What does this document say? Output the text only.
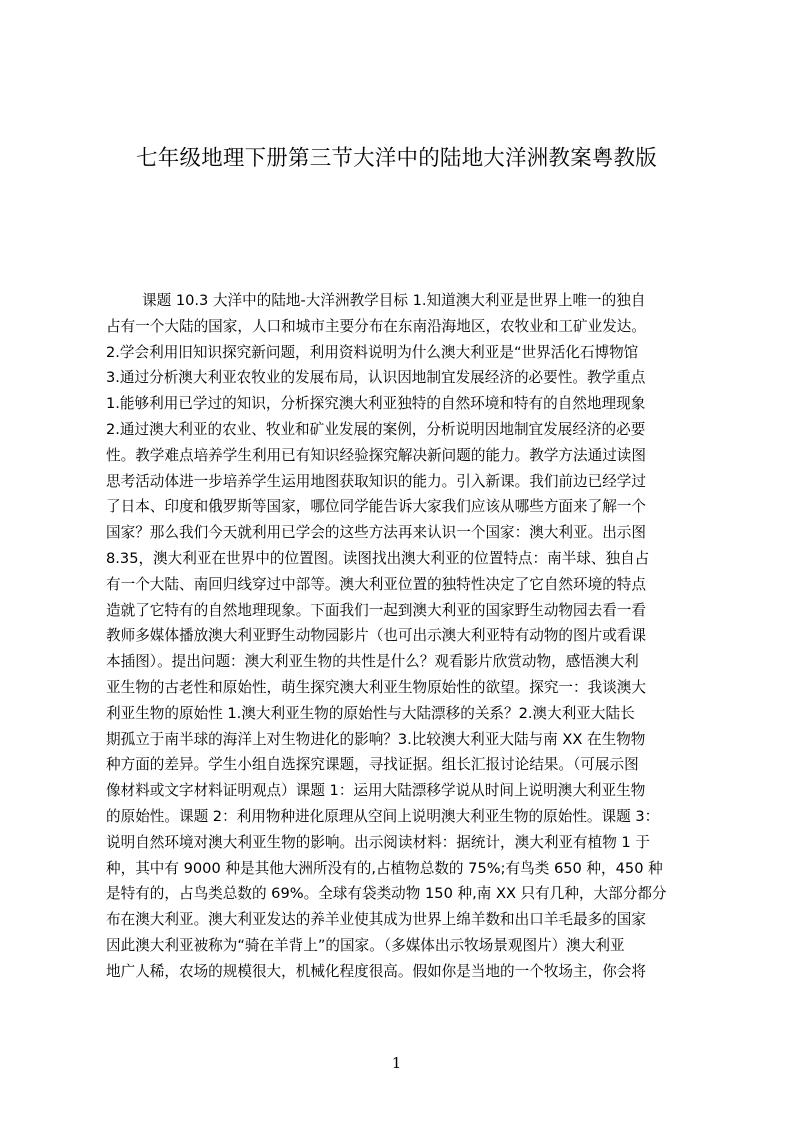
七年级地理下册第三节大洋中的陆地大洋洲教案粤教版
课题 10.3 大洋中的陆地-大洋洲教学目标 1.知道澳大利亚是世界上唯一的独自
占有一个大陆的国家，人口和城市主要分布在东南沿海地区，农牧业和工矿业发达。
2.学会利用旧知识探究新问题，利用资料说明为什么澳大利亚是“世界活化石博物馆
3.通过分析澳大利亚农牧业的发展布局，认识因地制宜发展经济的必要性。教学重点
1.能够利用已学过的知识，分析探究澳大利亚独特的自然环境和特有的自然地理现象
2.通过澳大利亚的农业、牧业和矿业发展的案例，分析说明因地制宜发展经济的必要
性。教学难点培养学生利用已有知识经验探究解决新问题的能力。教学方法通过读图
思考活动体进一步培养学生运用地图获取知识的能力。引入新课。我们前边已经学过
了日本、印度和俄罗斯等国家，哪位同学能告诉大家我们应该从哪些方面来了解一个
国家？那么我们今天就利用已学会的这些方法再来认识一个国家：澳大利亚。出示图
8.35，澳大利亚在世界中的位置图。读图找出澳大利亚的位置特点：南半球、独自占
有一个大陆、南回归线穿过中部等。澳大利亚位置的独特性决定了它自然环境的特点
造就了它特有的自然地理现象。下面我们一起到澳大利亚的国家野生动物园去看一看
教师多媒体播放澳大利亚野生动物园影片（也可出示澳大利亚特有动物的图片或看课
本插图）。提出问题：澳大利亚生物的共性是什么？观看影片欣赏动物，感悟澳大利
亚生物的古老性和原始性，萌生探究澳大利亚生物原始性的欲望。探究一：我谈澳大
利亚生物的原始性 1.澳大利亚生物的原始性与大陆漂移的关系？2.澳大利亚大陆长
期孤立于南半球的海洋上对生物进化的影响？3.比较澳大利亚大陆与南 XX 在生物物
种方面的差异。学生小组自选探究课题，寻找证据。组长汇报讨论结果。（可展示图
像材料或文字材料证明观点）课题 1：运用大陆漂移学说从时间上说明澳大利亚生物
的原始性。课题 2：利用物种进化原理从空间上说明澳大利亚生物的原始性。课题 3：
说明自然环境对澳大利亚生物的影响。出示阅读材料：据统计，澳大利亚有植物 1 于
种，其中有 9000 种是其他大洲所没有的,占植物总数的 75%;有鸟类 650 种，450 种
是特有的，占鸟类总数的 69%。全球有袋类动物 150 种,南 XX 只有几种，大部分都分
布在澳大利亚。澳大利亚发达的养羊业使其成为世界上绵羊数和出口羊毛最多的国家
因此澳大利亚被称为“骑在羊背上”的国家。（多媒体出示牧场景观图片）澳大利亚
地广人稀，农场的规模很大，机械化程度很高。假如你是当地的一个牧场主，你会将
1
